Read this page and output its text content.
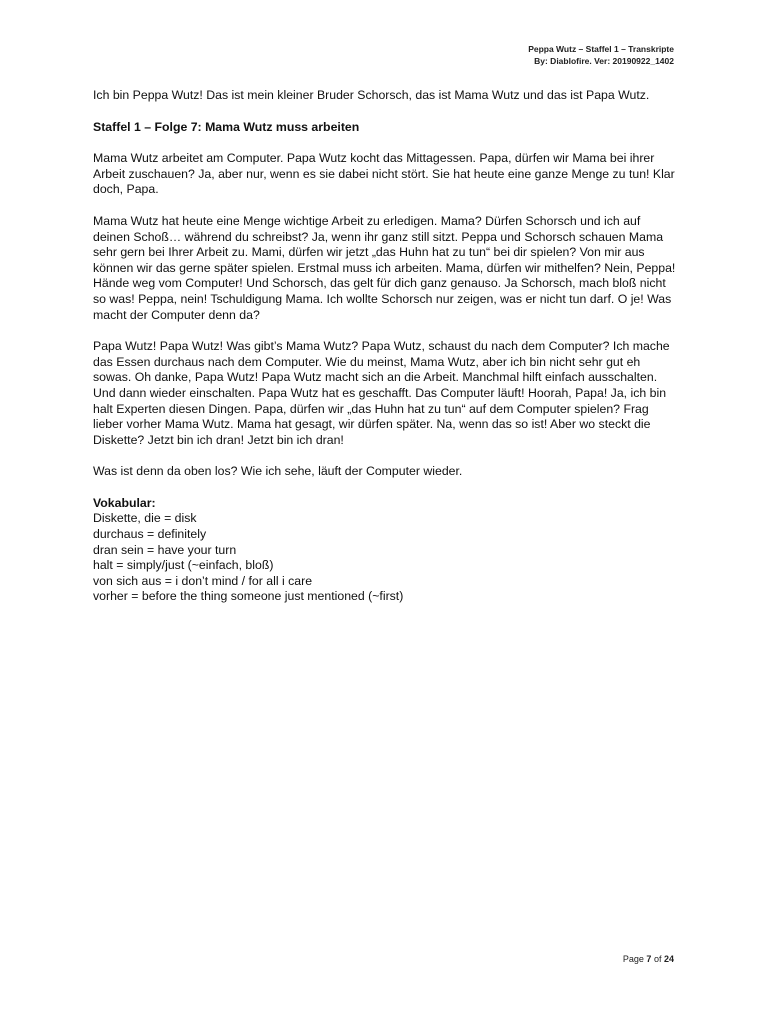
Peppa Wutz – Staffel 1 – Transkripte
By: Diablofire. Ver: 20190922_1402

Ich bin Peppa Wutz! Das ist mein kleiner Bruder Schorsch, das ist Mama Wutz und das ist Papa Wutz.

Staffel 1 – Folge 7: Mama Wutz muss arbeiten

Mama Wutz arbeitet am Computer. Papa Wutz kocht das Mittagessen. Papa, dürfen wir Mama bei ihrer Arbeit zuschauen? Ja, aber nur, wenn es sie dabei nicht stört. Sie hat heute eine ganze Menge zu tun! Klar doch, Papa.

Mama Wutz hat heute eine Menge wichtige Arbeit zu erledigen. Mama? Dürfen Schorsch und ich auf deinen Schoß… während du schreibst? Ja, wenn ihr ganz still sitzt. Peppa und Schorsch schauen Mama sehr gern bei Ihrer Arbeit zu. Mami, dürfen wir jetzt „das Huhn hat zu tun“ bei dir spielen? Von mir aus können wir das gerne später spielen. Erstmal muss ich arbeiten. Mama, dürfen wir mithelfen? Nein, Peppa! Hände weg vom Computer! Und Schorsch, das gelt für dich ganz genauso. Ja Schorsch, mach bloß nicht so was! Peppa, nein! Tschuldigung Mama. Ich wollte Schorsch nur zeigen, was er nicht tun darf. O je! Was macht der Computer denn da?

Papa Wutz! Papa Wutz! Was gibt’s Mama Wutz? Papa Wutz, schaust du nach dem Computer? Ich mache das Essen durchaus nach dem Computer. Wie du meinst, Mama Wutz, aber ich bin nicht sehr gut eh sowas. Oh danke, Papa Wutz! Papa Wutz macht sich an die Arbeit. Manchmal hilft einfach ausschalten. Und dann wieder einschalten. Papa Wutz hat es geschafft. Das Computer läuft! Hoorah, Papa! Ja, ich bin halt Experten diesen Dingen. Papa, dürfen wir „das Huhn hat zu tun“ auf dem Computer spielen? Frag lieber vorher Mama Wutz. Mama hat gesagt, wir dürfen später. Na, wenn das so ist! Aber wo steckt die Diskette? Jetzt bin ich dran! Jetzt bin ich dran!

Was ist denn da oben los? Wie ich sehe, läuft der Computer wieder.

Vokabular:

Diskette, die = disk
durchaus = definitely
dran sein = have your turn
halt = simply/just (~einfach, bloß)
von sich aus = i don’t mind / for all i care
vorher = before the thing someone just mentioned (~first)
Page 7 of 24
